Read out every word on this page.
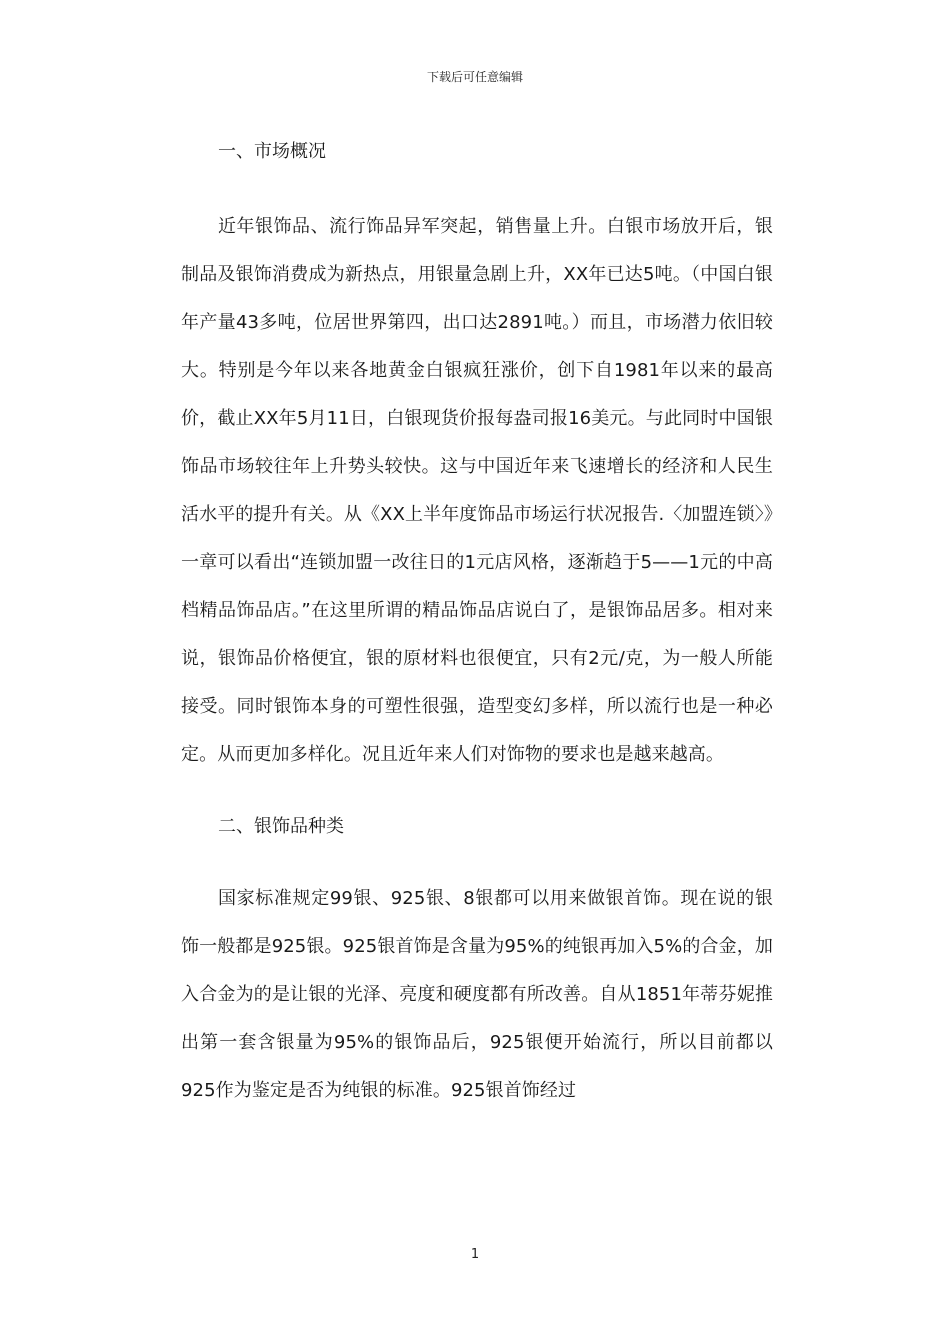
下载后可任意编辑
一、市场概况

近年银饰品、流行饰品异军突起，销售量上升。白银市场放开后，银制品及银饰消费成为新热点，用银量急剧上升，XX年已达5吨。（中国白银年产量43多吨，位居世界第四，出口达2891吨。）而且，市场潜力依旧较大。特别是今年以来各地黄金白银疯狂涨价，创下自1981年以来的最高价，截止XX年5月11日，白银现货价报每盎司报16美元。与此同时中国银饰品市场较往年上升势头较快。这与中国近年来飞速增长的经济和人民生活水平的提升有关。从《XX上半年度饰品市场运行状况报告.〈加盟连锁〉》一章可以看出“连锁加盟一改往日的1元店风格，逐渐趋于5——1元的中高档精品饰品店。”在这里所谓的精品饰品店说白了，是银饰品居多。相对来说，银饰品价格便宜，银的原材料也很便宜，只有2元/克，为一般人所能接受。同时银饰本身的可塑性很强，造型变幻多样，所以流行也是一种必定。从而更加多样化。况且近年来人们对饰物的要求也是越来越高。

二、银饰品种类

国家标准规定99银、925银、8银都可以用来做银首饰。现在说的银饰一般都是925银。925银首饰是含量为95%的纯银再加入5%的合金，加入合金为的是让银的光泽、亮度和硬度都有所改善。自从1851年蒂芬妮推出第一套含银量为95%的银饰品后，925银便开始流行，所以目前都以925作为鉴定是否为纯银的标准。925银首饰经过

1
